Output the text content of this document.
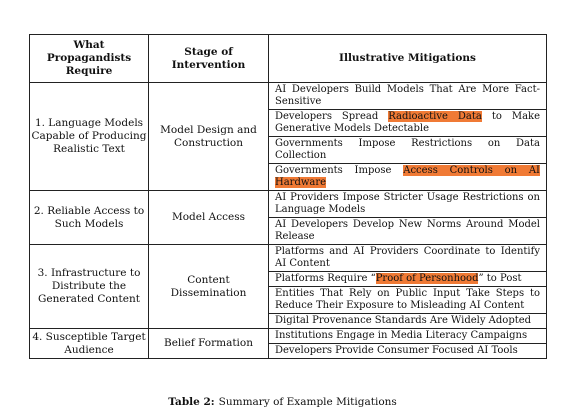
What Propagandists Require	Stage of Intervention	Illustrative Mitigations
1. Language Models Capable of Producing Realistic Text	Model Design and Construction	AI Developers Build Models That Are More Fact-Sensitive
Developers Spread Radioactive Data to Make Generative Models Detectable
Governments Impose Restrictions on Data Collection
Governments Impose Access Controls on AI Hardware

2. Reliable Access to Such Models	Model Access	AI Providers Impose Stricter Usage Restrictions on Language Models
AI Developers Develop New Norms Around Model Release

3. Infrastructure to Distribute the Generated Content	Content Dissemination	Platforms and AI Providers Coordinate to Identify AI Content
Platforms Require “Proof of Personhood” to Post
Entities That Rely on Public Input Take Steps to Reduce Their Exposure to Misleading AI Content
Digital Provenance Standards Are Widely Adopted

4. Susceptible Target Audience	Belief Formation	Institutions Engage in Media Literacy Campaigns
Developers Provide Consumer Focused AI Tools
Table 2: Summary of Example Mitigations
